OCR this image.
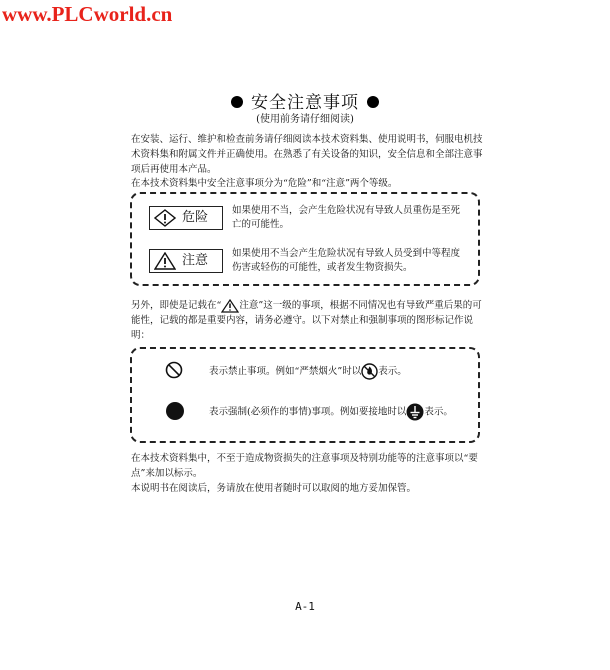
www.PLCworld.cn
安全注意事项
(使用前务请仔细阅读)
在安装、运行、维护和检查前务请仔细阅读本技术资料集、使用说明书，伺服电机技术资料集和附属文件并正确使用。在熟悉了有关设备的知识，安全信息和全部注意事项后再使用本产品。
在本技术资料集中安全注意事项分为“危险”和“注意”两个等级。
危险	如果使用不当，会产生危险状况有导致人员重伤是至死亡的可能性。
注意	如果使用不当会产生危险状况有导致人员受到中等程度伤害或轻伤的可能性，或者发生物资损失。
另外，即使是记载在“ 注意”这一级的事项，根据不同情况也有导致严重后果的可能性，记载的都是重要内容，请务必遵守。以下对禁止和强制事项的图形标记作说明：
表示禁止事项。例如“严禁烟火”时以 表示。
表示强制(必须作的事情)事项。例如要接地时以 表示。
在本技术资料集中，不至于造成物资损失的注意事项及特别功能等的注意事项以“要点”来加以标示。
本说明书在阅读后，务请放在使用者随时可以取阅的地方妥加保管。
A-1
